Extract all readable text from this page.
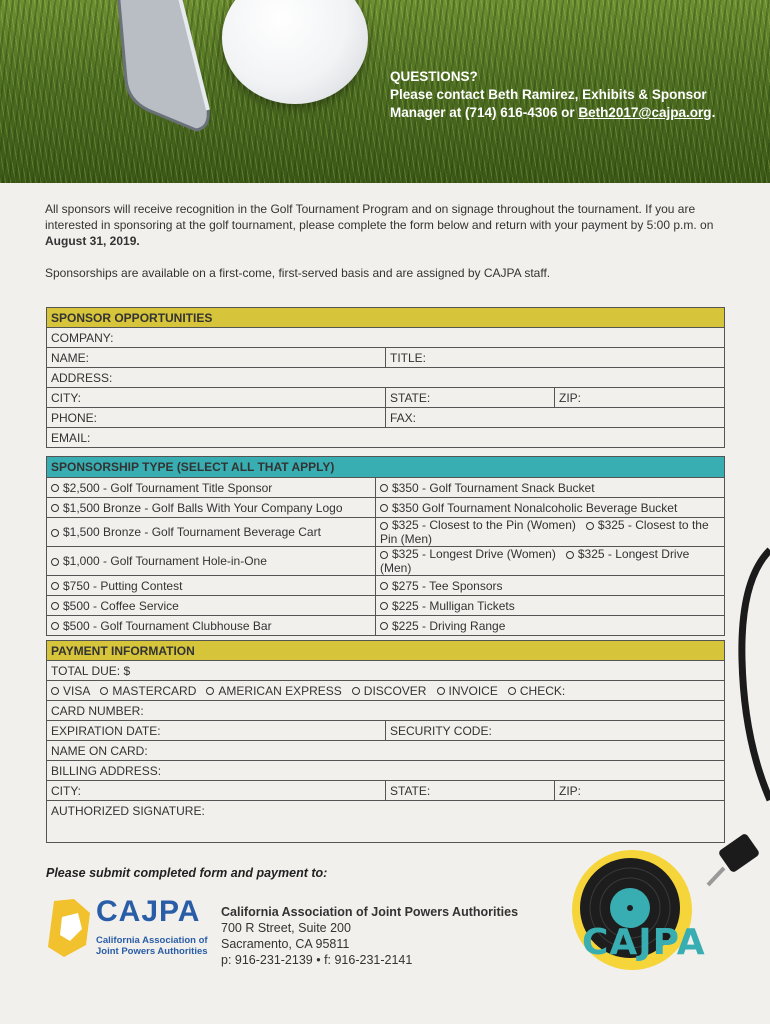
QUESTIONS?
Please contact Beth Ramirez, Exhibits & Sponsor
Manager at (714) 616-4306 or Beth2017@cajpa.org.

All sponsors will receive recognition in the Golf Tournament Program and on signage throughout the tournament. If you are interested in sponsoring at the golf tournament, please complete the form below and return with your payment by 5:00 p.m. on August 31, 2019.

Sponsorships are available on a first-come, first-served basis and are assigned by CAJPA staff.

SPONSOR OPPORTUNITIES		
COMPANY:		
NAME:	TITLE:	
ADDRESS:		
CITY:	STATE:	ZIP:
PHONE:	FAX:	
EMAIL:		
SPONSORSHIP TYPE (SELECT ALL THAT APPLY)	
$2,500 - Golf Tournament Title Sponsor	$350 - Golf Tournament Snack Bucket
$1,500 Bronze - Golf Balls With Your Company Logo	$350 Golf Tournament Nonalcoholic Beverage Bucket
$1,500 Bronze - Golf Tournament Beverage Cart	$325 - Closest to the Pin (Women) $325 - Closest to the Pin (Men)
$1,000 - Golf Tournament Hole-in-One	$325 - Longest Drive (Women) $325 - Longest Drive (Men)
$750 - Putting Contest	$275 - Tee Sponsors
$500 - Coffee Service	$225 - Mulligan Tickets
$500 - Golf Tournament Clubhouse Bar	$225 - Driving Range
PAYMENT INFORMATION		
TOTAL DUE: $		
VISA MASTERCARD AMERICAN EXPRESS DISCOVER INVOICE CHECK:		
CARD NUMBER:		
EXPIRATION DATE:	SECURITY CODE:	
NAME ON CARD:		
BILLING ADDRESS:		
CITY:	STATE:	ZIP:
AUTHORIZED SIGNATURE:		
Please submit completed form and payment to:
CAJPA
California Association of
Joint Powers Authorities
California Association of Joint Powers Authorities
700 R Street, Suite 200
Sacramento, CA 95811
p: 916-231-2139 • f: 916-231-2141	CAJPA
